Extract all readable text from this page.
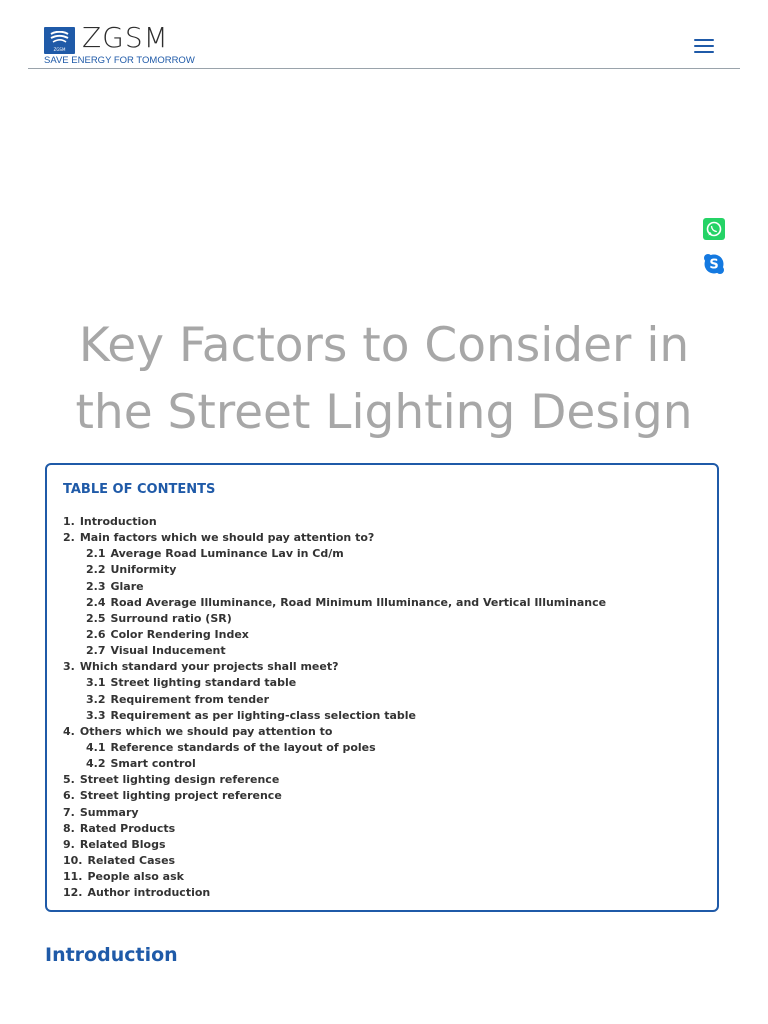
ZGSM ZGSM
SAVE ENERGY FOR TOMORROW
S
Key Factors to Consider in
the Street Lighting Design
TABLE OF CONTENTS
1. Introduction
2. Main factors which we should pay attention to?
2.1 Average Road Luminance Lav in Cd/m
2.2 Uniformity
2.3 Glare
2.4 Road Average Illuminance, Road Minimum Illuminance, and Vertical Illuminance
2.5 Surround ratio (SR)
2.6 Color Rendering Index
2.7 Visual Inducement
3. Which standard your projects shall meet?
3.1 Street lighting standard table
3.2 Requirement from tender
3.3 Requirement as per lighting-class selection table
4. Others which we should pay attention to
4.1 Reference standards of the layout of poles
4.2 Smart control
5. Street lighting design reference
6. Street lighting project reference
7. Summary
8. Rated Products
9. Related Blogs
10. Related Cases
11. People also ask
12. Author introduction
Introduction
